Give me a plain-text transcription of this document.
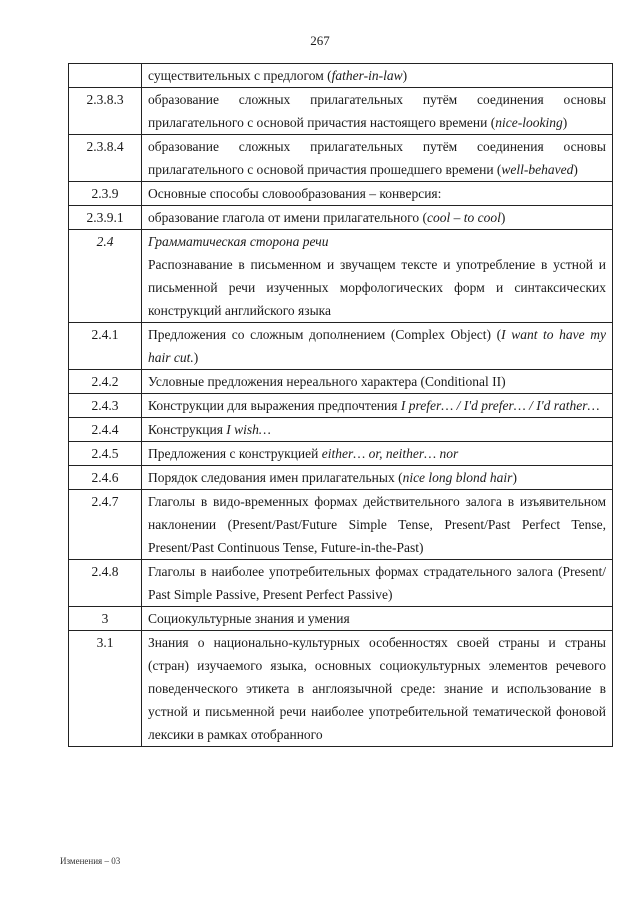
267

	существительных с предлогом (father-in-law)

2.3.8.3	образование сложных прилагательных путём соединения основы прилагательного с основой причастия настоящего времени (nice-looking)

2.3.8.4	образование сложных прилагательных путём соединения основы прилагательного с основой причастия прошедшего времени (well-behaved)

2.3.9	Основные способы словообразования – конверсия:

2.3.9.1	образование глагола от имени прилагательного (cool – to cool)

2.4	Грамматическая сторона речи
Распознавание в письменном и звучащем тексте и употребление в устной и письменной речи изученных морфологических форм и синтаксических конструкций английского языка

2.4.1	Предложения со сложным дополнением (Complex Object) (I want to have my hair cut.)

2.4.2	Условные предложения нереального характера (Conditional II)

2.4.3	Конструкции для выражения предпочтения I prefer… / I'd prefer… / I'd rather…

2.4.4	Конструкция I wish…

2.4.5	Предложения с конструкцией either… or, neither… nor

2.4.6	Порядок следования имен прилагательных (nice long blond hair)

2.4.7	Глаголы в видо-временных формах действительного залога в изъявительном наклонении (Present/Past/Future Simple Tense, Present/Past Perfect Tense, Present/Past Continuous Tense, Future-in-the-Past)

2.4.8	Глаголы в наиболее употребительных формах страдательного залога (Present/ Past Simple Passive, Present Perfect Passive)

3	Социокультурные знания и умения

3.1	Знания о национально-культурных особенностях своей страны и страны (стран) изучаемого языка, основных социокультурных элементов речевого поведенческого этикета в англоязычной среде: знание и использование в устной и письменной речи наиболее употребительной тематической фоновой лексики в рамках отобранного
Изменения – 03
